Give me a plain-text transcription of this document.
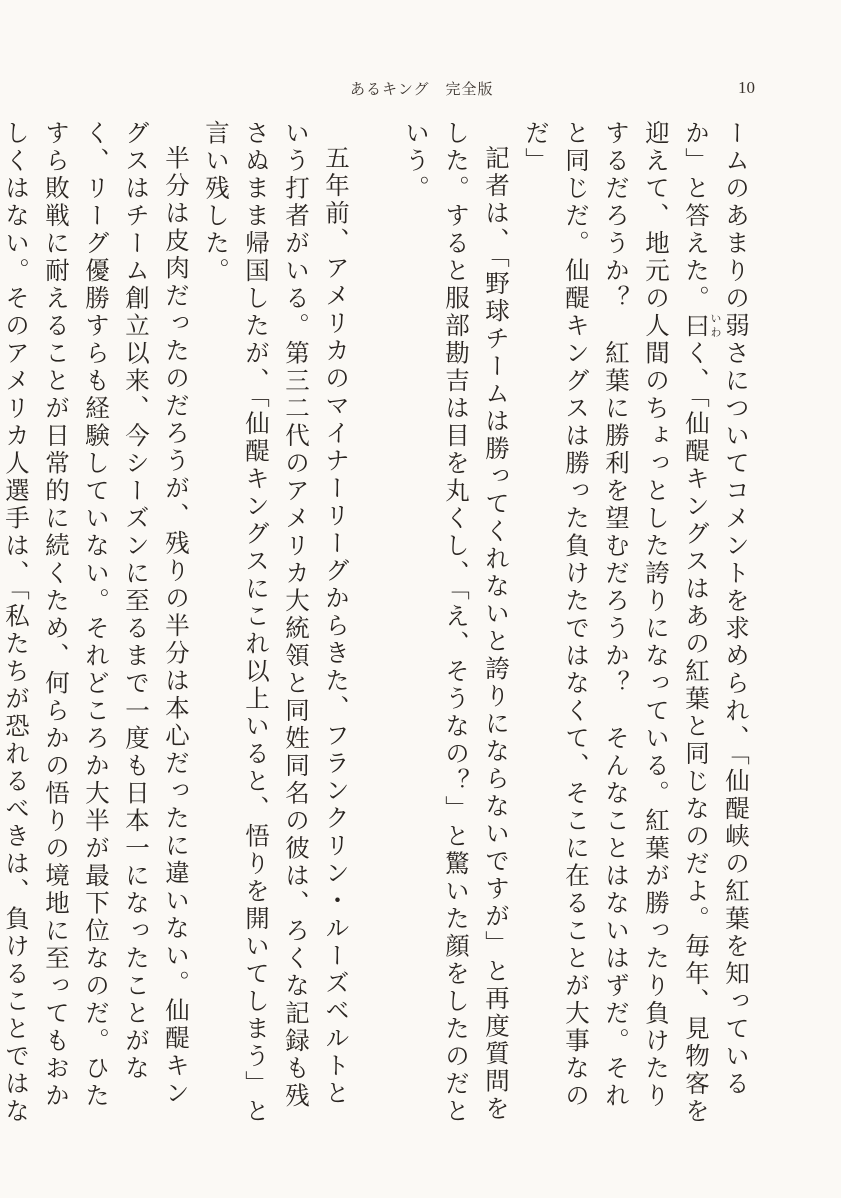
あるキング　完全版	10

ームのあまりの弱さについてコメントを求められ、「仙醍峡の紅葉を知っているか」と答えた。曰いわく、「仙醍キングスはあの紅葉と同じなのだよ。毎年、見物客を迎えて、地元の人間のちょっとした誇りになっている。紅葉が勝ったり負けたりするだろうか？　紅葉に勝利を望むだろうか？　そんなことはないはずだ。それと同じだ。仙醍キングスは勝った負けたではなくて、そこに在ることが大事なのだ」

記者は、「野球チームは勝ってくれないと誇りにならないですが」と再度質問をした。すると服部勘吉は目を丸くし、「え、そうなの？」と驚いた顔をしたのだという。

五年前、アメリカのマイナーリーグからきた、フランクリン・ルーズベルトという打者がいる。第三二代のアメリカ大統領と同姓同名の彼は、ろくな記録も残さぬまま帰国したが、「仙醍キングスにこれ以上いると、悟りを開いてしまう」と言い残した。

半分は皮肉だったのだろうが、残りの半分は本心だったに違いない。仙醍キングスはチーム創立以来、今シーズンに至るまで一度も日本一になったことがなく、リーグ優勝すらも経験していない。それどころか大半が最下位なのだ。ひたすら敗戦に耐えることが日常的に続くため、何らかの悟りの境地に至ってもおかしくはない。そのアメリカ人選手は、「私たちが恐れるべきは、負けることではな
